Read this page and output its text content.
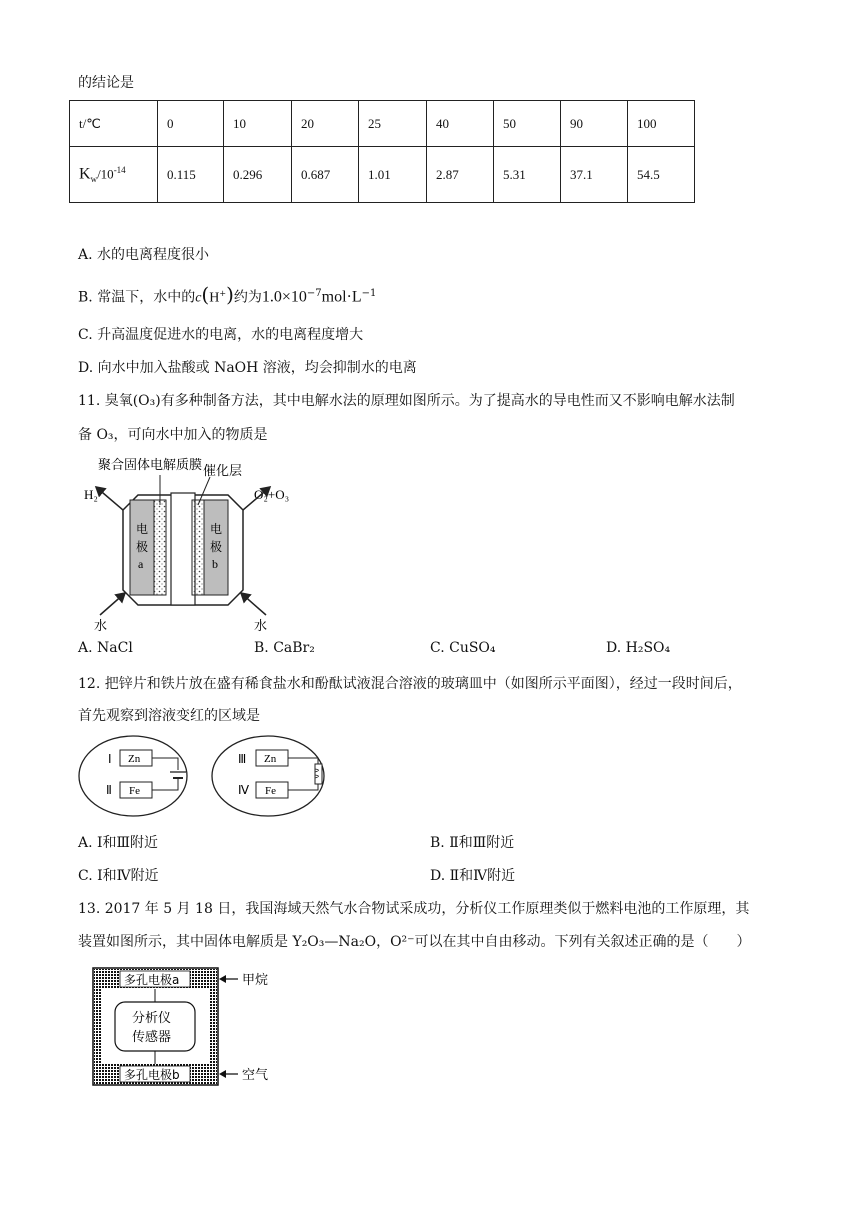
的结论是
t/℃	0	10	20	25	40	50	90	100
$K_w/10^{-14}$	0.115	0.296	0.687	1.01	2.87	5.31	37.1	54.5
A. 水的电离程度很小
B. 常温下，水中的c(H+)约为$1.0\times 10^{-7}mol\cdot L^{-1}$
C. 升高温度促进水的电离，水的电离程度增大
D. 向水中加入盐酸或 NaOH 溶液，均会抑制水的电离
11. 臭氧(O₃)有多种制备方法，其中电解水法的原理如图所示。为了提高水的导电性而又不影响电解水法制
备 O₃，可向水中加入的物质是
聚合固体电解质膜 催化层
H₂	O₂+O₃
水	水
电
极
a
电
极
b
A. NaCl	B. CaBr₂	C. CuSO₄	D. H₂SO₄
12. 把锌片和铁片放在盛有稀食盐水和酚酞试液混合溶液的玻璃皿中（如图所示平面图），经过一段时间后，
首先观察到溶液变红的区域是
Ⅰ Zn
Ⅱ Fe
Ⅲ Zn
Ⅳ Fe
A. Ⅰ和Ⅲ附近	B. Ⅱ和Ⅲ附近
C. Ⅰ和Ⅳ附近	D. Ⅱ和Ⅳ附近
13. 2017 年 5 月 18 日，我国海域天然气水合物试采成功，分析仪工作原理类似于燃料电池的工作原理，其
装置如图所示，其中固体电解质是 Y₂O₃—Na₂O，O²⁻可以在其中自由移动。下列有关叙述正确的是（　　）
多孔电极a
多孔电极b
分析仪
传感器
甲烷
空气
